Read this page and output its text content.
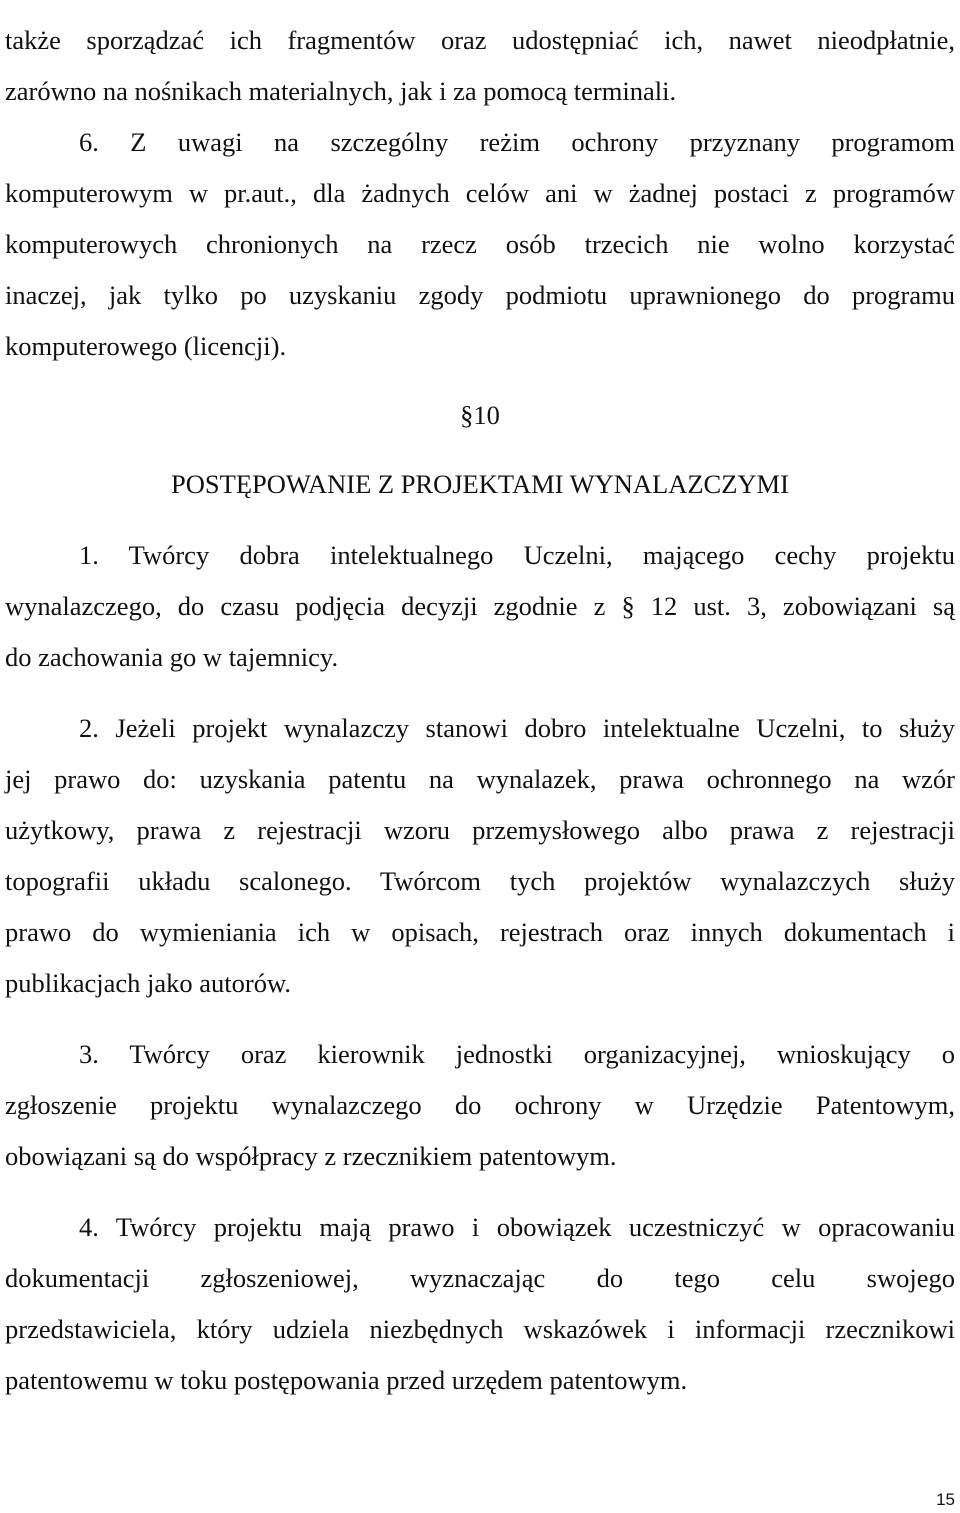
także sporządzać ich fragmentów oraz udostępniać ich, nawet nieodpłatnie,
zarówno na nośnikach materialnych, jak i za pomocą terminali.
6. Z uwagi na szczególny reżim ochrony przyznany programom
komputerowym w pr.aut., dla żadnych celów ani w żadnej postaci z programów
komputerowych chronionych na rzecz osób trzecich nie wolno korzystać
inaczej, jak tylko po uzyskaniu zgody podmiotu uprawnionego do programu
komputerowego (licencji).
§10
POSTĘPOWANIE Z PROJEKTAMI WYNALAZCZYMI
1. Twórcy dobra intelektualnego Uczelni, mającego cechy projektu
wynalazczego, do czasu podjęcia decyzji zgodnie z § 12 ust. 3, zobowiązani są
do zachowania go w tajemnicy.
2. Jeżeli projekt wynalazczy stanowi dobro intelektualne Uczelni, to służy
jej prawo do: uzyskania patentu na wynalazek, prawa ochronnego na wzór
użytkowy, prawa z rejestracji wzoru przemysłowego albo prawa z rejestracji
topografii układu scalonego. Twórcom tych projektów wynalazczych służy
prawo do wymieniania ich w opisach, rejestrach oraz innych dokumentach i
publikacjach jako autorów.
3. Twórcy oraz kierownik jednostki organizacyjnej, wnioskujący o
zgłoszenie projektu wynalazczego do ochrony w Urzędzie Patentowym,
obowiązani są do współpracy z rzecznikiem patentowym.
4. Twórcy projektu mają prawo i obowiązek uczestniczyć w opracowaniu
dokumentacji zgłoszeniowej, wyznaczając do tego celu swojego
przedstawiciela, który udziela niezbędnych wskazówek i informacji rzecznikowi
patentowemu w toku postępowania przed urzędem patentowym.
15
